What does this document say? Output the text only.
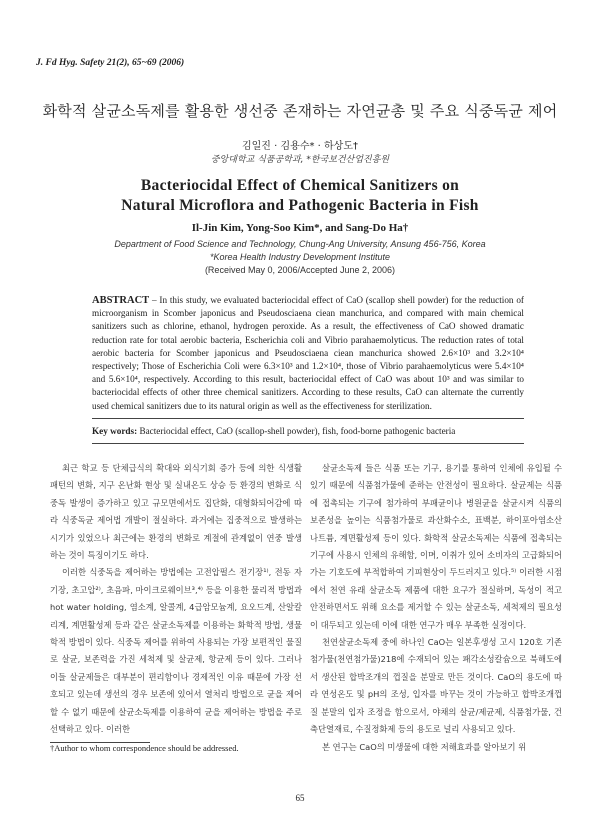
J. Fd Hyg. Safety 21(2), 65~69 (2006)
화학적 살균소독제를 활용한 생선중 존재하는 자연균총 및 주요 식중독균 제어
김일진 · 김용수* · 하상도†
중앙대학교 식품공학과, *한국보건산업진흥원
Bacteriocidal Effect of Chemical Sanitizers on
Natural Microflora and Pathogenic Bacteria in Fish
Il-Jin Kim, Yong-Soo Kim*, and Sang-Do Ha†
Department of Food Science and Technology, Chung-Ang University, Ansung 456-756, Korea
*Korea Health Industry Development Institute
(Received May 0, 2006/Accepted June 2, 2006)
ABSTRACT – In this study, we evaluated bacteriocidal effect of CaO (scallop shell powder) for the reduction of microorganism in Scomber japonicus and Pseudosciaena ciean manchurica, and compared with main chemical sanitizers such as chlorine, ethanol, hydrogen peroxide. As a result, the effectiveness of CaO showed dramatic reduction rate for total aerobic bacteria, Escherichia coli and Vibrio parahaemolyticus. The reduction rates of total aerobic bacteria for Scomber japonicus and Pseudosciaena ciean manchurica showed 2.6×10³ and 3.2×10⁴ respectively; Those of Escherichia Coli were 6.3×10³ and 1.2×10⁴, those of Vibrio parahaemolyticus were 5.4×10⁴ and 5.6×10⁴, respectively. According to this result, bacteriocidal effect of CaO was about 10³ and was similar to bacteriocidal effects of other three chemical sanitizers. According to these results, CaO can alternate the currently used chemical sanitizers due to its natural origin as well as the effectiveness for sterilization.
Key words: Bacteriocidal effect, CaO (scallop-shell powder), fish, food-borne pathogenic bacteria

최근 학교 등 단체급식의 확대와 외식기회 증가 등에 의한 식생활 패턴의 변화, 지구 온난화 현상 및 실내온도 상승 등 환경의 변화로 식중독 발생이 증가하고 있고 규모면에서도 집단화, 대형화되어감에 따라 식중독균 제어법 개발이 절실하다. 과거에는 집중적으로 발생하는 시기가 있었으나 최근에는 환경의 변화로 계절에 관계없이 연중 발생하는 것이 특징이기도 하다.

이러한 식중독을 제어하는 방법에는 고전압펄스 전기장¹⁾, 전동 자기장, 초고압²⁾, 초음파, 마이크로웨이브³,⁴⁾ 등을 이용한 물리적 방법과 hot water holding, 염소계, 알콜계, 4급암모늄계, 요오드계, 산알칼리계, 계면활성제 등과 같은 살균소독제를 이용하는 화학적 방법, 생물학적 방법이 있다. 식중독 제어를 위하여 사용되는 가장 보편적인 물질로 살균, 보존력을 가진 세척제 및 살균제, 항균제 등이 있다. 그러나 이들 살균제들은 대부분이 편리함이나 경제적인 이유 때문에 가장 선호되고 있는데 생선의 경우 보존에 있어서 열처리 방법으로 균을 제어할 수 없기 때문에 살균소독제를 이용하여 균을 제어하는 방법을 주로 선택하고 있다. 이러한

살균소독제 들은 식품 또는 기구, 용기를 통하여 인체에 유입될 수 있기 때문에 식품첨가물에 준하는 안전성이 필요하다. 살균제는 식품에 접촉되는 기구에 첨가하여 부패균이나 병원균을 살균시켜 식품의 보존성을 높이는 식품첨가물로 과산화수소, 표백분, 하이포아염소산 나트륨, 계면활성제 등이 있다. 화학적 살균소독제는 식품에 접촉되는 기구에 사용시 인체의 유해함, 이며, 이취가 있어 소비자의 고급화되어가는 기호도에 부적합하여 기피현상이 두드러지고 있다.⁵⁾ 이러한 시점에서 천연 유래 살균소독 제품에 대한 요구가 절실하며, 독성이 적고 안전하면서도 위해 요소를 제거할 수 있는 살균소독, 세척제의 필요성이 대두되고 있는데 이에 대한 연구가 매우 부족한 실정이다.

천연살균소독제 중에 하나인 CaO는 일본후생성 고시 120호 기존 첨가물(천연첨가물)218에 수재되어 있는 패각소성칼슘으로 북해도에서 생산된 합박조개의 껍질을 분말로 만든 것이다. CaO의 용도에 따라 연성온도 및 pH의 조성, 입자를 바꾸는 것이 가능하고 합박조개껍질 분말의 입자 조정을 함으로서, 야채의 살균/제균제, 식품첨가물, 건축단열재료, 수질정화제 등의 용도로 널리 사용되고 있다.

본 연구는 CaO의 미생물에 대한 저해효과를 알아보기 위

†Author to whom correspondence should be addressed.
65
